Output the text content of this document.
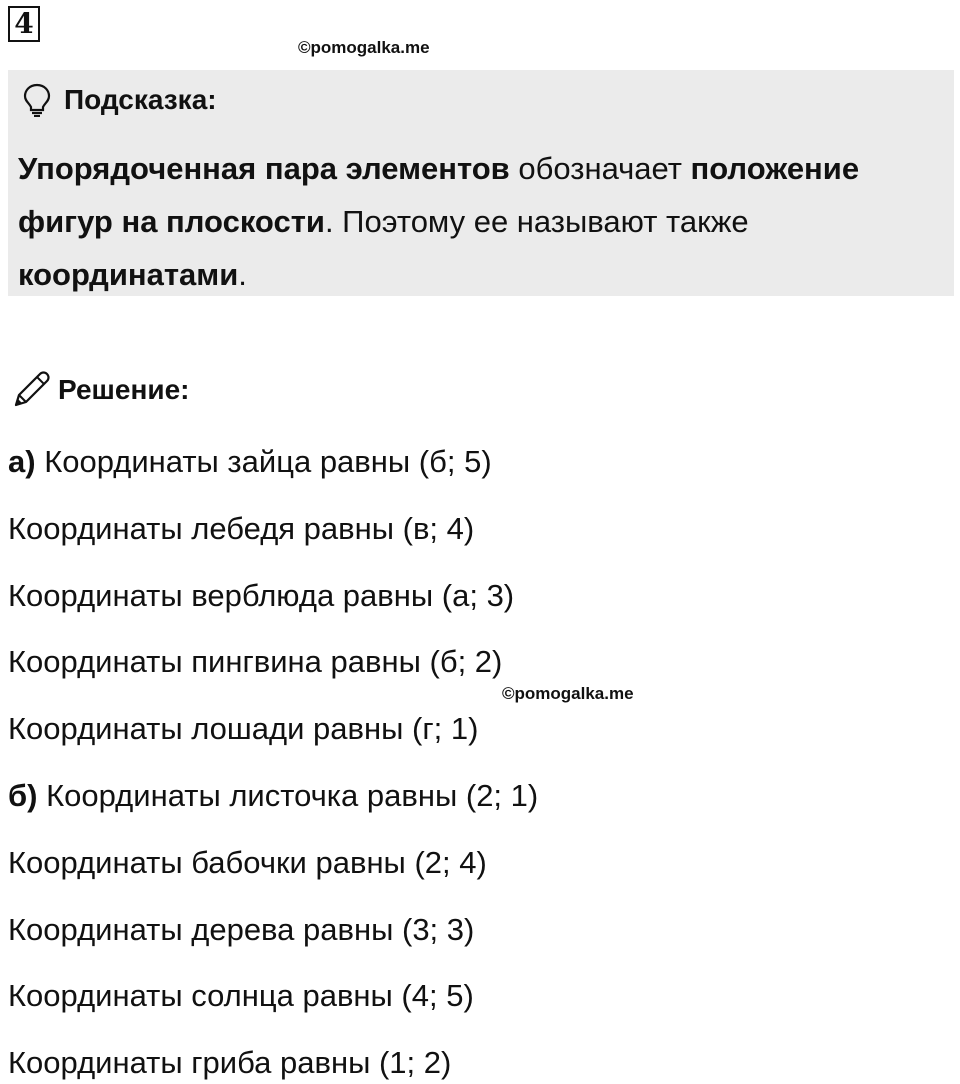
4
©pomogalka.me
Подсказка:
Упорядоченная пара элементов обозначает положение фигур на плоскости. Поэтому ее называют также координатами.
Решение:
а) Координаты зайца равны (б; 5)
Координаты лебедя равны (в; 4)
Координаты верблюда равны (а; 3)
Координаты пингвина равны (б; 2)
Координаты лошади равны (г; 1)
б) Координаты листочка равны (2; 1)
Координаты бабочки равны (2; 4)
Координаты дерева равны (3; 3)
Координаты солнца равны (4; 5)
Координаты гриба равны (1; 2)
©pomogalka.me
